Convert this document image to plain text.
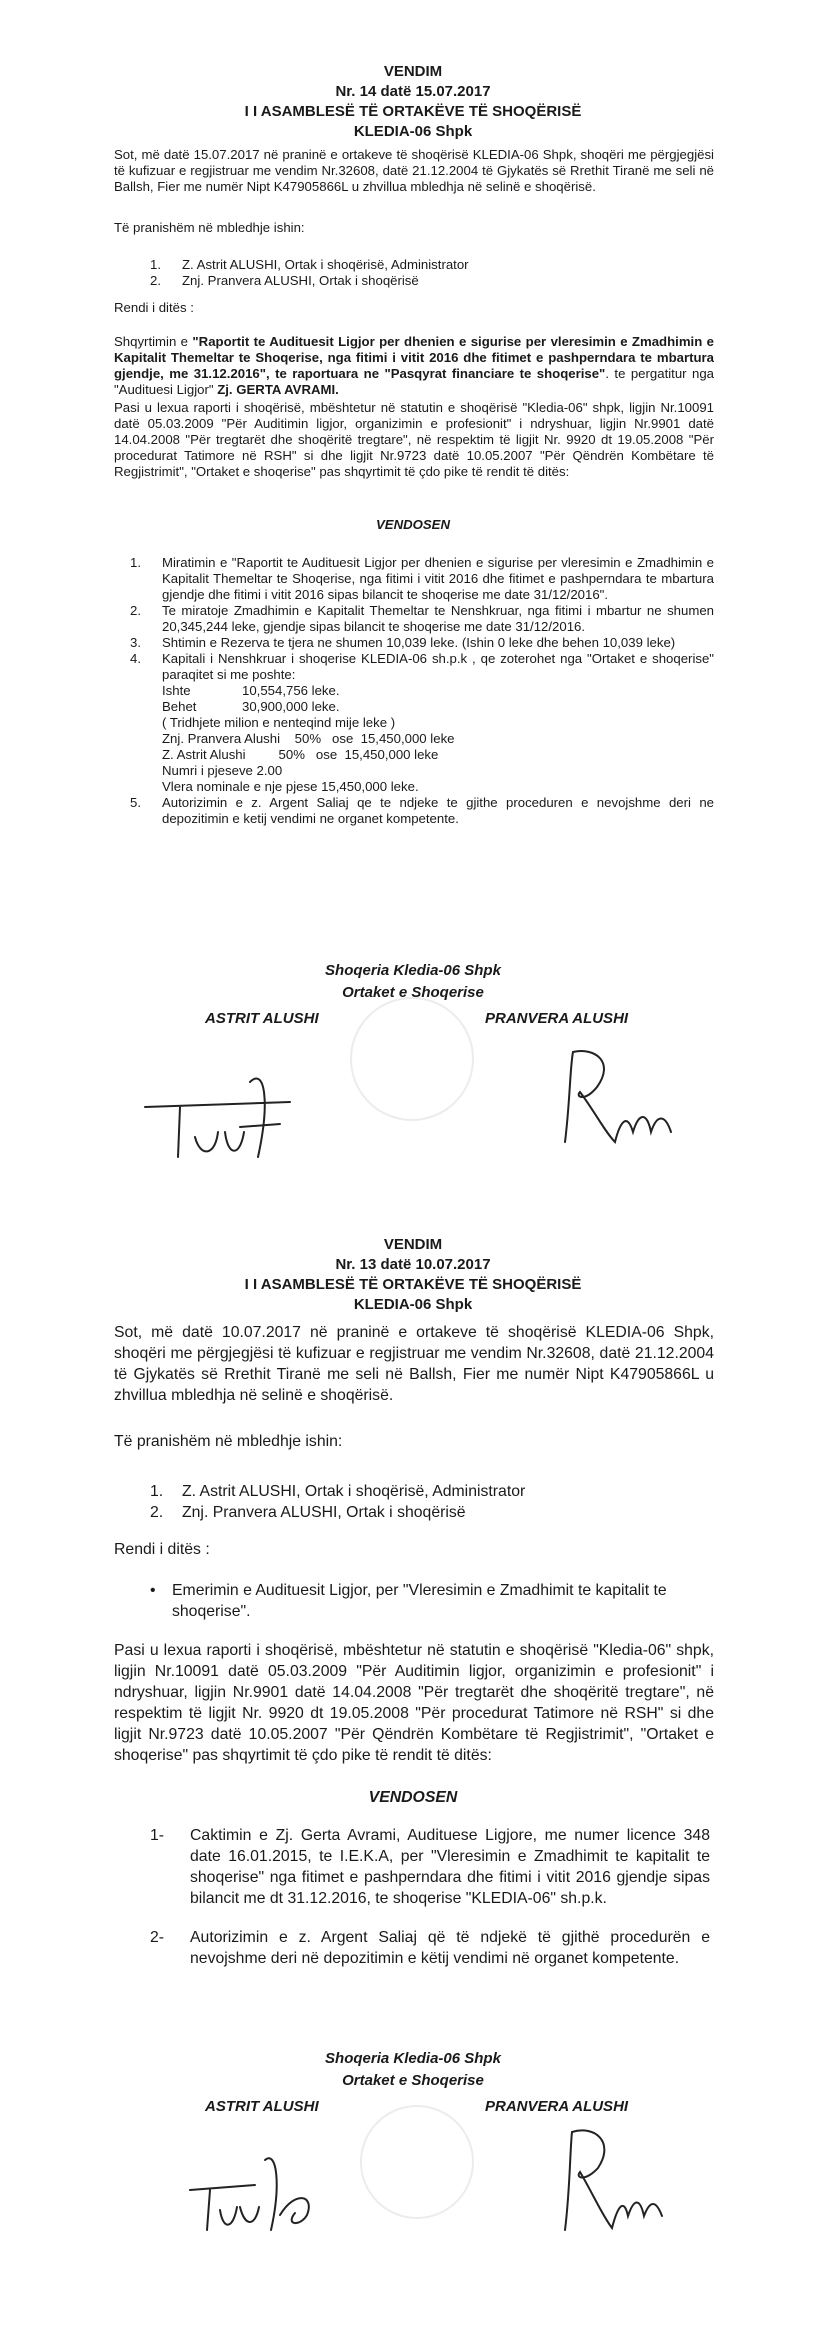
VENDIM
Nr. 14 datë 15.07.2017
I I ASAMBLESË TË ORTAKËVE TË SHOQËRISË
KLEDIA-06 Shpk

Sot, më datë 15.07.2017 në praninë e ortakeve të shoqërisë KLEDIA-06 Shpk, shoqëri me përgjegjësi të kufizuar e regjistruar me vendim Nr.32608, datë 21.12.2004 të Gjykatës së Rrethit Tiranë me seli në Ballsh, Fier me numër Nipt K47905866L u zhvillua mbledhja në selinë e shoqërisë.

Të pranishëm në mbledhje ishin:

1. Z. Astrit ALUSHI, Ortak i shoqërisë, Administrator
2. Znj. Pranvera ALUSHI, Ortak i shoqërisë

Rendi i ditës :

Shqyrtimin e "Raportit te Audituesit Ligjor per dhenien e sigurise per vleresimin e Zmadhimin e Kapitalit Themeltar te Shoqerise, nga fitimi i vitit 2016 dhe fitimet e pashperndara te mbartura gjendje, me 31.12.2016", te raportuara ne "Pasqyrat financiare te shoqerise". te pergatitur nga "Audituesi Ligjor" Zj. GERTA AVRAMI.

Pasi u lexua raporti i shoqërisë, mbështetur në statutin e shoqërisë "Kledia-06" shpk, ligjin Nr.10091 datë 05.03.2009 "Për Auditimin ligjor, organizimin e profesionit" i ndryshuar, ligjin Nr.9901 datë 14.04.2008 "Për tregtarët dhe shoqëritë tregtare", në respektim të ligjit Nr. 9920 dt 19.05.2008 "Për procedurat Tatimore në RSH" si dhe ligjit Nr.9723 datë 10.05.2007 "Për Qëndrën Kombëtare të Regjistrimit", "Ortaket e shoqerise" pas shqyrtimit të çdo pike të rendit të ditës:

VENDOSEN
1. Miratimin e "Raportit te Audituesit Ligjor per dhenien e sigurise per vleresimin e Zmadhimin e Kapitalit Themeltar te Shoqerise, nga fitimi i vitit 2016 dhe fitimet e pashperndara te mbartura gjendje dhe fitimi i vitit 2016 sipas bilancit te shoqerise me date 31/12/2016".
2. Te miratoje Zmadhimin e Kapitalit Themeltar te Nenshkruar, nga fitimi i mbartur ne shumen 20,345,244 leke, gjendje sipas bilancit te shoqerise me date 31/12/2016.
3. Shtimin e Rezerva te tjera ne shumen 10,039 leke. (Ishin 0 leke dhe behen 10,039 leke)
4. Kapitali i Nenshkruar i shoqerise KLEDIA-06 sh.p.k , qe zoterohet nga "Ortaket e shoqerise" paraqitet si me poshte:
Ishte	10,554,756 leke.
Behet	30,900,000 leke.
( Tridhjete milion e nenteqind mije leke )
Znj. Pranvera Alushi    50%   ose  15,450,000 leke
Z. Astrit Alushi         50%   ose  15,450,000 leke
Numri i pjeseve 2.00
Vlera nominale e nje pjese 15,450,000 leke.
5. Autorizimin e z. Argent Saliaj qe te ndjeke te gjithe proceduren e nevojshme deri ne depozitimin e ketij vendimi ne organet kompetente.
Shoqeria Kledia-06 Shpk
Ortaket e Shoqerise
ASTRIT ALUSHI	PRANVERA ALUSHI
VENDIM
Nr. 13 datë 10.07.2017
I I ASAMBLESË TË ORTAKËVE TË SHOQËRISË
KLEDIA-06 Shpk

Sot, më datë 10.07.2017 në praninë e ortakeve të shoqërisë KLEDIA-06 Shpk, shoqëri me përgjegjësi të kufizuar e regjistruar me vendim Nr.32608, datë 21.12.2004 të Gjykatës së Rrethit Tiranë me seli në Ballsh, Fier me numër Nipt K47905866L u zhvillua mbledhja në selinë e shoqërisë.

Të pranishëm në mbledhje ishin:

1. Z. Astrit ALUSHI, Ortak i shoqërisë, Administrator
2. Znj. Pranvera ALUSHI, Ortak i shoqërisë

Rendi i ditës :

• Emerimin e Audituesit Ligjor, per "Vleresimin e Zmadhimit te kapitalit te shoqerise".

Pasi u lexua raporti i shoqërisë, mbështetur në statutin e shoqërisë "Kledia-06" shpk, ligjin Nr.10091 datë 05.03.2009 "Për Auditimin ligjor, organizimin e profesionit" i ndryshuar, ligjin Nr.9901 datë 14.04.2008 "Për tregtarët dhe shoqëritë tregtare", në respektim të ligjit Nr. 9920 dt 19.05.2008 "Për procedurat Tatimore në RSH" si dhe ligjit Nr.9723 datë 10.05.2007 "Për Qëndrën Kombëtare të Regjistrimit", "Ortaket e shoqerise" pas shqyrtimit të çdo pike të rendit të ditës:

VENDOSEN
1- Caktimin e Zj. Gerta Avrami, Audituese Ligjore, me numer licence 348 date 16.01.2015, te I.E.K.A, per "Vleresimin e Zmadhimit te kapitalit te shoqerise" nga fitimet e pashperndara dhe fitimi i vitit 2016 gjendje sipas bilancit me dt 31.12.2016, te shoqerise "KLEDIA-06" sh.p.k.
2- Autorizimin e z. Argent Saliaj që të ndjekë të gjithë procedurën e nevojshme deri në depozitimin e këtij vendimi në organet kompetente.
Shoqeria Kledia-06 Shpk
Ortaket e Shoqerise
ASTRIT ALUSHI	PRANVERA ALUSHI
